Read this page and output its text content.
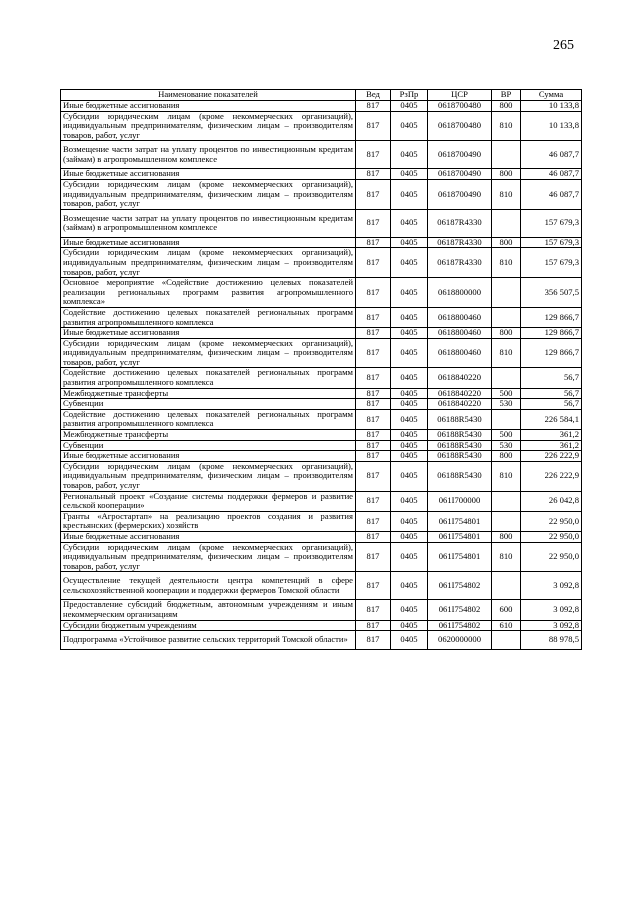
265
Наименование показателей	Вед	РзПр	ЦСР	ВР	Сумма
Иные бюджетные ассигнования	817	0405	0618700480	800	10 133,8
Субсидии юридическим лицам (кроме некоммерческих организаций), индивидуальным предпринимателям, физическим лицам – производителям товаров, работ, услуг	817	0405	0618700480	810	10 133,8
Возмещение части затрат на уплату процентов по инвестиционным кредитам (займам) в агропромышленном комплексе	817	0405	0618700490		46 087,7
Иные бюджетные ассигнования	817	0405	0618700490	800	46 087,7
Субсидии юридическим лицам (кроме некоммерческих организаций), индивидуальным предпринимателям, физическим лицам – производителям товаров, работ, услуг	817	0405	0618700490	810	46 087,7
Возмещение части затрат на уплату процентов по инвестиционным кредитам (займам) в агропромышленном комплексе	817	0405	06187R4330		157 679,3
Иные бюджетные ассигнования	817	0405	06187R4330	800	157 679,3
Субсидии юридическим лицам (кроме некоммерческих организаций), индивидуальным предпринимателям, физическим лицам – производителям товаров, работ, услуг	817	0405	06187R4330	810	157 679,3
Основное мероприятие «Содействие достижению целевых показателей реализации региональных программ развития агропромышленного комплекса»	817	0405	0618800000		356 507,5
Содействие достижению целевых показателей региональных программ развития агропромышленного комплекса	817	0405	0618800460		129 866,7
Иные бюджетные ассигнования	817	0405	0618800460	800	129 866,7
Субсидии юридическим лицам (кроме некоммерческих организаций), индивидуальным предпринимателям, физическим лицам – производителям товаров, работ, услуг	817	0405	0618800460	810	129 866,7
Содействие достижению целевых показателей региональных программ развития агропромышленного комплекса	817	0405	0618840220		56,7
Межбюджетные трансферты	817	0405	0618840220	500	56,7
Субвенции	817	0405	0618840220	530	56,7
Содействие достижению целевых показателей региональных программ развития агропромышленного комплекса	817	0405	06188R5430		226 584,1
Межбюджетные трансферты	817	0405	06188R5430	500	361,2
Субвенции	817	0405	06188R5430	530	361,2
Иные бюджетные ассигнования	817	0405	06188R5430	800	226 222,9
Субсидии юридическим лицам (кроме некоммерческих организаций), индивидуальным предпринимателям, физическим лицам – производителям товаров, работ, услуг	817	0405	06188R5430	810	226 222,9
Региональный проект «Создание системы поддержки фермеров и развитие сельской кооперации»	817	0405	061I700000		26 042,8
Гранты «Агростартап» на реализацию проектов создания и развития крестьянских (фермерских) хозяйств	817	0405	061I754801		22 950,0
Иные бюджетные ассигнования	817	0405	061I754801	800	22 950,0
Субсидии юридическим лицам (кроме некоммерческих организаций), индивидуальным предпринимателям, физическим лицам – производителям товаров, работ, услуг	817	0405	061I754801	810	22 950,0
Осуществление текущей деятельности центра компетенций в сфере сельскохозяйственной кооперации и поддержки фермеров Томской области	817	0405	061I754802		3 092,8
Предоставление субсидий бюджетным, автономным учреждениям и иным некоммерческим организациям	817	0405	061I754802	600	3 092,8
Субсидии бюджетным учреждениям	817	0405	061I754802	610	3 092,8
Подпрограмма «Устойчивое развитие сельских территорий Томской области»	817	0405	0620000000		88 978,5
